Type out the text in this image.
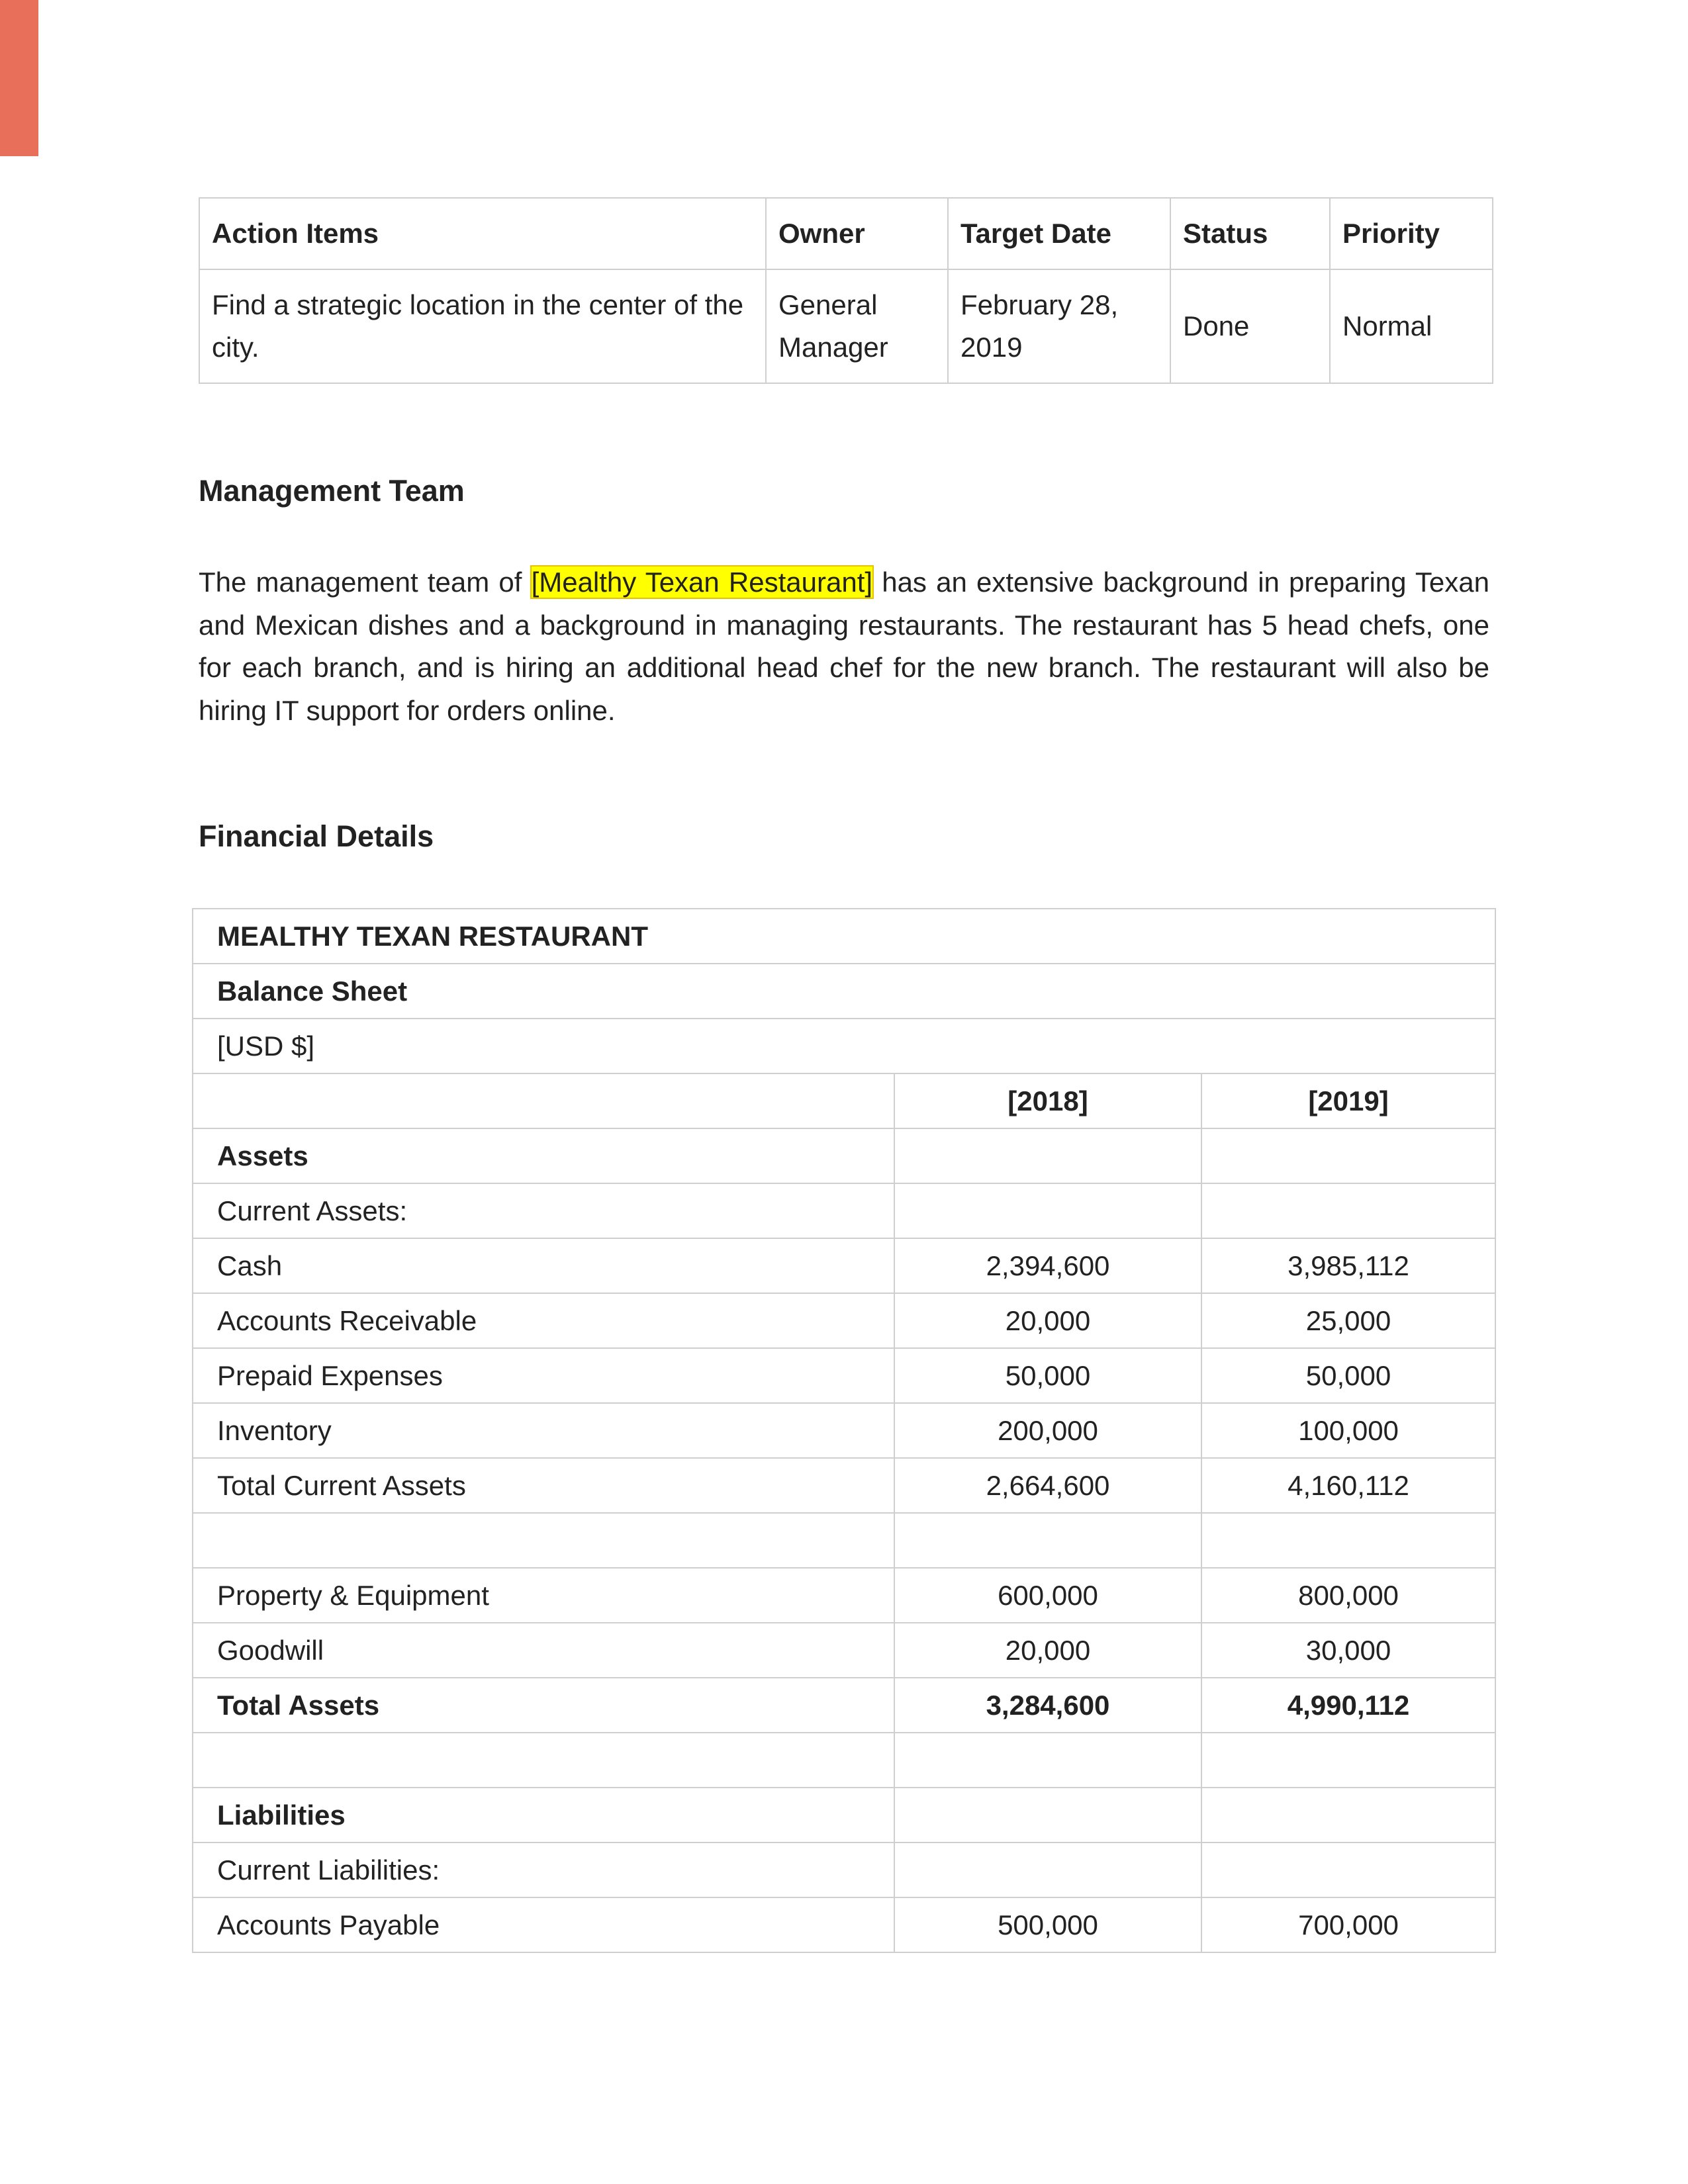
Action Items	Owner	Target Date	Status	Priority
Find a strategic location in the center of the city.	General Manager	February 28, 2019	Done	Normal
Management Team

The management team of [Mealthy Texan Restaurant] has an extensive background in preparing Texan and Mexican dishes and a background in managing restaurants. The restaurant has 5 head chefs, one for each branch, and is hiring an additional head chef for the new branch. The restaurant will also be hiring IT support for orders online.

Financial Details
MEALTHY TEXAN RESTAURANT		
Balance Sheet		
[USD $]		
	[2018]	[2019]
Assets		
Current Assets:		
Cash	2,394,600	3,985,112
Accounts Receivable	20,000	25,000
Prepaid Expenses	50,000	50,000
Inventory	200,000	100,000
Total Current Assets	2,664,600	4,160,112

Property & Equipment	600,000	800,000
Goodwill	20,000	30,000
Total Assets	3,284,600	4,990,112

Liabilities		
Current Liabilities:		
Accounts Payable	500,000	700,000
